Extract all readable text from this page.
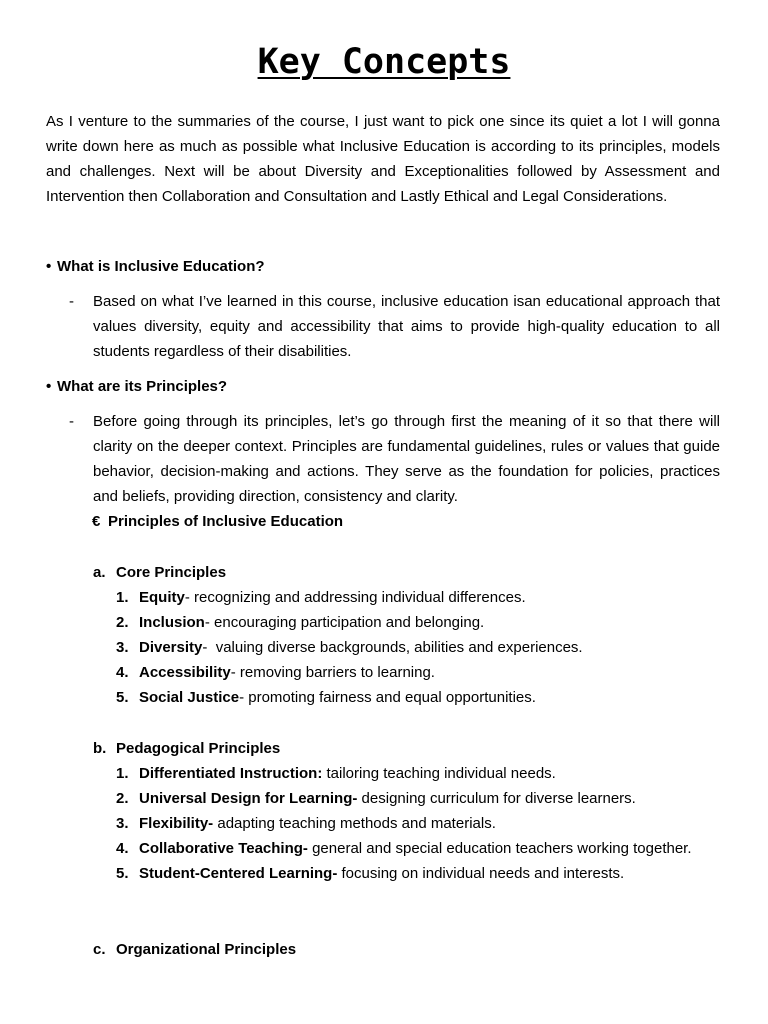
Key Concepts

As I venture to the summaries of the course, I just want to pick one since its quiet a lot I will gonna write down here as much as possible what Inclusive Education is according to its principles, models and challenges. Next will be about Diversity and Exceptionalities followed by Assessment and Intervention then Collaboration and Consultation and Lastly Ethical and Legal Considerations.

• What is Inclusive Education?

- Based on what I’ve learned in this course, inclusive education isan educational approach that values diversity, equity and accessibility that aims to provide high-quality education to all students regardless of their disabilities.

• What are its Principles?

- Before going through its principles, let’s go through first the meaning of it so that there will clarity on the deeper context. Principles are fundamental guidelines, rules or values that guide behavior, decision-making and actions. They serve as the foundation for policies, practices and beliefs, providing direction, consistency and clarity.

€ Principles of Inclusive Education
a. Core Principles
1. Equity- recognizing and addressing individual differences.
2. Inclusion- encouraging participation and belonging.
3. Diversity-  valuing diverse backgrounds, abilities and experiences.
4. Accessibility- removing barriers to learning.
5. Social Justice- promoting fairness and equal opportunities.
b. Pedagogical Principles
1. Differentiated Instruction: tailoring teaching individual needs.
2. Universal Design for Learning- designing curriculum for diverse learners.
3. Flexibility- adapting teaching methods and materials.
4. Collaborative Teaching- general and special education teachers working together.
5. Student-Centered Learning- focusing on individual needs and interests.
c. Organizational Principles
